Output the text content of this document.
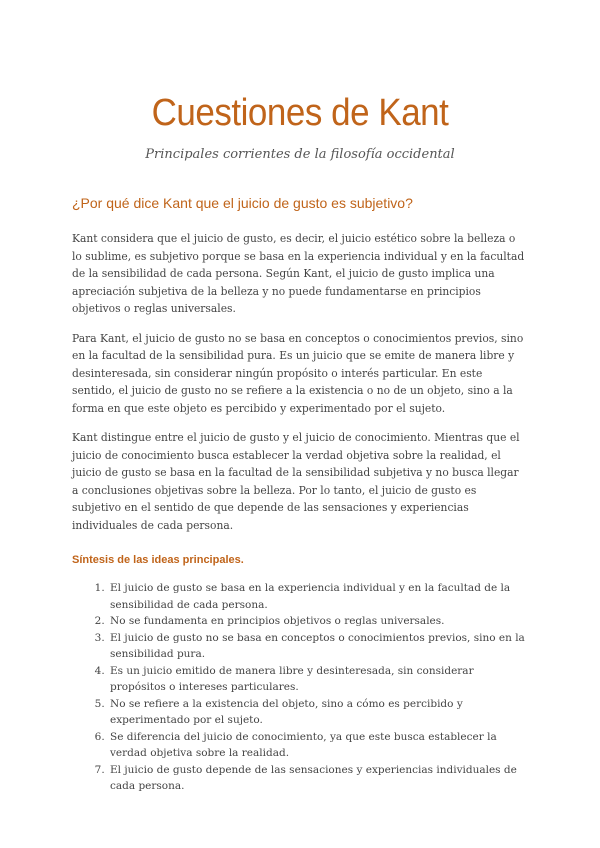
Cuestiones de Kant

Principales corrientes de la filosofía occidental

¿Por qué dice Kant que el juicio de gusto es subjetivo?

Kant considera que el juicio de gusto, es decir, el juicio estético sobre la belleza o lo sublime, es subjetivo porque se basa en la experiencia individual y en la facultad de la sensibilidad de cada persona. Según Kant, el juicio de gusto implica una apreciación subjetiva de la belleza y no puede fundamentarse en principios objetivos o reglas universales.

Para Kant, el juicio de gusto no se basa en conceptos o conocimientos previos, sino en la facultad de la sensibilidad pura. Es un juicio que se emite de manera libre y desinteresada, sin considerar ningún propósito o interés particular. En este sentido, el juicio de gusto no se refiere a la existencia o no de un objeto, sino a la forma en que este objeto es percibido y experimentado por el sujeto.

Kant distingue entre el juicio de gusto y el juicio de conocimiento. Mientras que el juicio de conocimiento busca establecer la verdad objetiva sobre la realidad, el juicio de gusto se basa en la facultad de la sensibilidad subjetiva y no busca llegar a conclusiones objetivas sobre la belleza. Por lo tanto, el juicio de gusto es subjetivo en el sentido de que depende de las sensaciones y experiencias individuales de cada persona.

Síntesis de las ideas principales.
1. El juicio de gusto se basa en la experiencia individual y en la facultad de la sensibilidad de cada persona.
2. No se fundamenta en principios objetivos o reglas universales.
3. El juicio de gusto no se basa en conceptos o conocimientos previos, sino en la sensibilidad pura.
4. Es un juicio emitido de manera libre y desinteresada, sin considerar propósitos o intereses particulares.
5. No se refiere a la existencia del objeto, sino a cómo es percibido y experimentado por el sujeto.
6. Se diferencia del juicio de conocimiento, ya que este busca establecer la verdad objetiva sobre la realidad.
7. El juicio de gusto depende de las sensaciones y experiencias individuales de cada persona.
